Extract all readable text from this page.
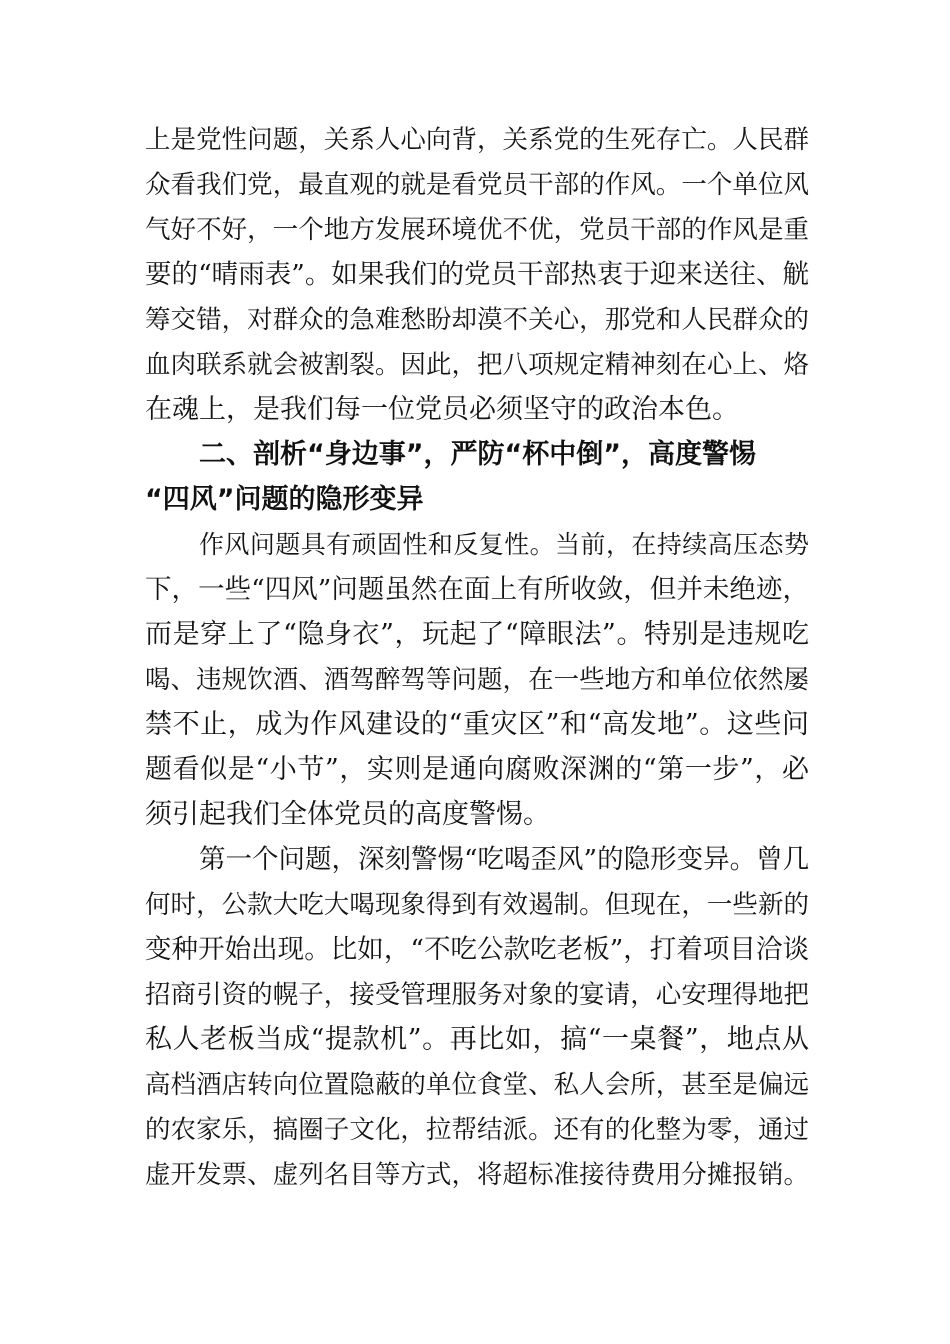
上是党性问题，关系人心向背，关系党的生死存亡。人民群
众看我们党，最直观的就是看党员干部的作风。一个单位风
气好不好，一个地方发展环境优不优，党员干部的作风是重
要的“晴雨表”。如果我们的党员干部热衷于迎来送往、觥
筹交错，对群众的急难愁盼却漠不关心，那党和人民群众的
血肉联系就会被割裂。因此，把八项规定精神刻在心上、烙
在魂上，是我们每一位党员必须坚守的政治本色。
二、剖析“身边事”，严防“杯中倒”，高度警惕
“四风”问题的隐形变异
作风问题具有顽固性和反复性。当前，在持续高压态势
下，一些“四风”问题虽然在面上有所收敛，但并未绝迹，
而是穿上了“隐身衣”，玩起了“障眼法”。特别是违规吃
喝、违规饮酒、酒驾醉驾等问题，在一些地方和单位依然屡
禁不止，成为作风建设的“重灾区”和“高发地”。这些问
题看似是“小节”，实则是通向腐败深渊的“第一步”，必
须引起我们全体党员的高度警惕。
第一个问题，深刻警惕“吃喝歪风”的隐形变异。曾几
何时，公款大吃大喝现象得到有效遏制。但现在，一些新的
变种开始出现。比如，“不吃公款吃老板”，打着项目洽谈
招商引资的幌子，接受管理服务对象的宴请，心安理得地把
私人老板当成“提款机”。再比如，搞“一桌餐”，地点从
高档酒店转向位置隐蔽的单位食堂、私人会所，甚至是偏远
的农家乐，搞圈子文化，拉帮结派。还有的化整为零，通过
虚开发票、虚列名目等方式，将超标准接待费用分摊报销。
